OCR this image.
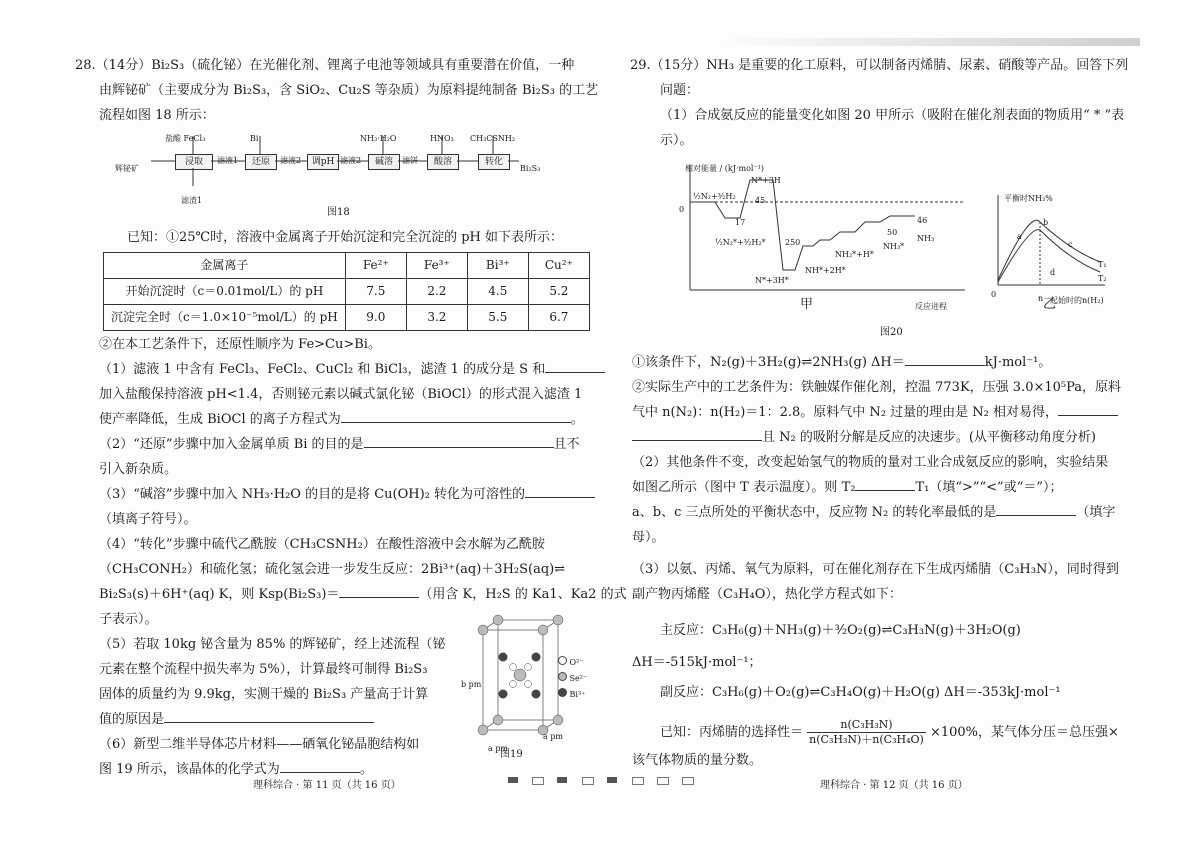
28.（14分）Bi₂S₃（硫化铋）在光催化剂、锂离子电池等领域具有重要潜在价值，一种
由辉铋矿（主要成分为 Bi₂S₃，含 SiO₂、Cu₂S 等杂质）为原料提纯制备 Bi₂S₃ 的工艺
流程如图 18 所示：
盐酸 FeCl₃	Bi	NH₃·H₂O	HNO₃ CH₃CSNH₂
辉铋矿
浸取	滤液1	还原	滤液2	调pH 滤液2	碱溶	滤饼	酸溶	转化
Bi₂S₃
滤渣1
图18
已知：①25℃时，溶液中金属离子开始沉淀和完全沉淀的 pH 如下表所示：
金属离子	Fe²⁺	Fe³⁺	Bi³⁺	Cu²⁺
开始沉淀时（c＝0.01mol/L）的 pH	7.5	2.2	4.5	5.2
沉淀完全时（c＝1.0×10⁻⁵mol/L）的 pH	9.0	3.2	5.5	6.7
②在本工艺条件下，还原性顺序为 Fe>Cu>Bi。
（1）滤液 1 中含有 FeCl₃、FeCl₂、CuCl₂ 和 BiCl₃，滤渣 1 的成分是 S 和
加入盐酸保持溶液 pH<1.4，否则铋元素以碱式氯化铋（BiOCl）的形式混入滤渣 1
使产率降低，生成 BiOCl 的离子方程式为	。
（2）“还原”步骤中加入金属单质 Bi 的目的是	且不
引入新杂质。
（3）“碱溶”步骤中加入 NH₃·H₂O 的目的是将 Cu(OH)₂ 转化为可溶性的
（填离子符号）。
（4）“转化”步骤中硫代乙酰胺（CH₃CSNH₂）在酸性溶液中会水解为乙酰胺
（CH₃CONH₂）和硫化氢；硫化氢会进一步发生反应：2Bi³⁺(aq)＋3H₂S(aq)⇌
Bi₂S₃(s)＋6H⁺(aq) K，则 Ksp(Bi₂S₃)＝	（用含 K，H₂S 的 Ka1、Ka2 的式
子表示）。
（5）若取 10kg 铋含量为 85% 的辉铋矿，经上述流程（铋
元素在整个流程中损失率为 5%），计算最终可制得 Bi₂S₃
固体的质量约为 9.9kg，实测干燥的 Bi₂S₃ 产量高于计算
值的原因是
（6）新型二维半导体芯片材料——硒氧化铋晶胞结构如
图 19 所示，该晶体的化学式为	。
b pm
a pm
a pm
O²⁻
Se²⁻
Bi³⁺
图19
理科综合 · 第 11 页（共 16 页）
29.（15分）NH₃ 是重要的化工原料，可以制备丙烯腈、尿素、硝酸等产品。回答下列
问题：
（1）合成氨反应的能量变化如图 20 甲所示（吸附在催化剂表面的物质用“ * ”表
示）。
相对能量 / (kJ·mol⁻¹)
0
½N₂+³⁄₂H₂
½N₂*+³⁄₂H₂*
N*+3H
17
45
250
N*+3H*
NH*+2H*
NH₂*+H*
50
NH₃*
46
NH₃
反应进程
甲
平衡时NH₃%
a
b
c
d
T₁
T₂
0	n 起始时的n(H₂)
乙
图20
①该条件下，N₂(g)＋3H₂(g)⇌2NH₃(g) ΔH＝	kJ·mol⁻¹。
②实际生产中的工艺条件为：铁触媒作催化剂，控温 773K，压强 3.0×10⁵Pa，原料
气中 n(N₂)：n(H₂)＝1：2.8。原料气中 N₂ 过量的理由是 N₂ 相对易得，
且 N₂ 的吸附分解是反应的决速步。(从平衡移动角度分析)
（2）其他条件不变，改变起始氢气的物质的量对工业合成氨反应的影响，实验结果
如图乙所示（图中 T 表示温度）。则 T₂	T₁（填“>”“<”或“＝”）；
a、b、c 三点所处的平衡状态中，反应物 N₂ 的转化率最低的是	（填字
母）。
（3）以氨、丙烯、氧气为原料，可在催化剂存在下生成丙烯腈（C₃H₃N），同时得到
副产物丙烯醛（C₃H₄O），热化学方程式如下：
主反应：C₃H₆(g)＋NH₃(g)＋³⁄₂O₂(g)⇌C₃H₃N(g)＋3H₂O(g)
ΔH＝-515kJ·mol⁻¹；
副反应：C₃H₆(g)＋O₂(g)⇌C₃H₄O(g)＋H₂O(g) ΔH＝-353kJ·mol⁻¹
已知：丙烯腈的选择性＝ $\frac{\text{n(C₃H₃N)}}{\text{n(C₃H₃N)＋n(C₃H₄O)}} \times 100\%$，某气体分压＝总压强×
该气体物质的量分数。
理科综合 · 第 12 页（共 16 页）
